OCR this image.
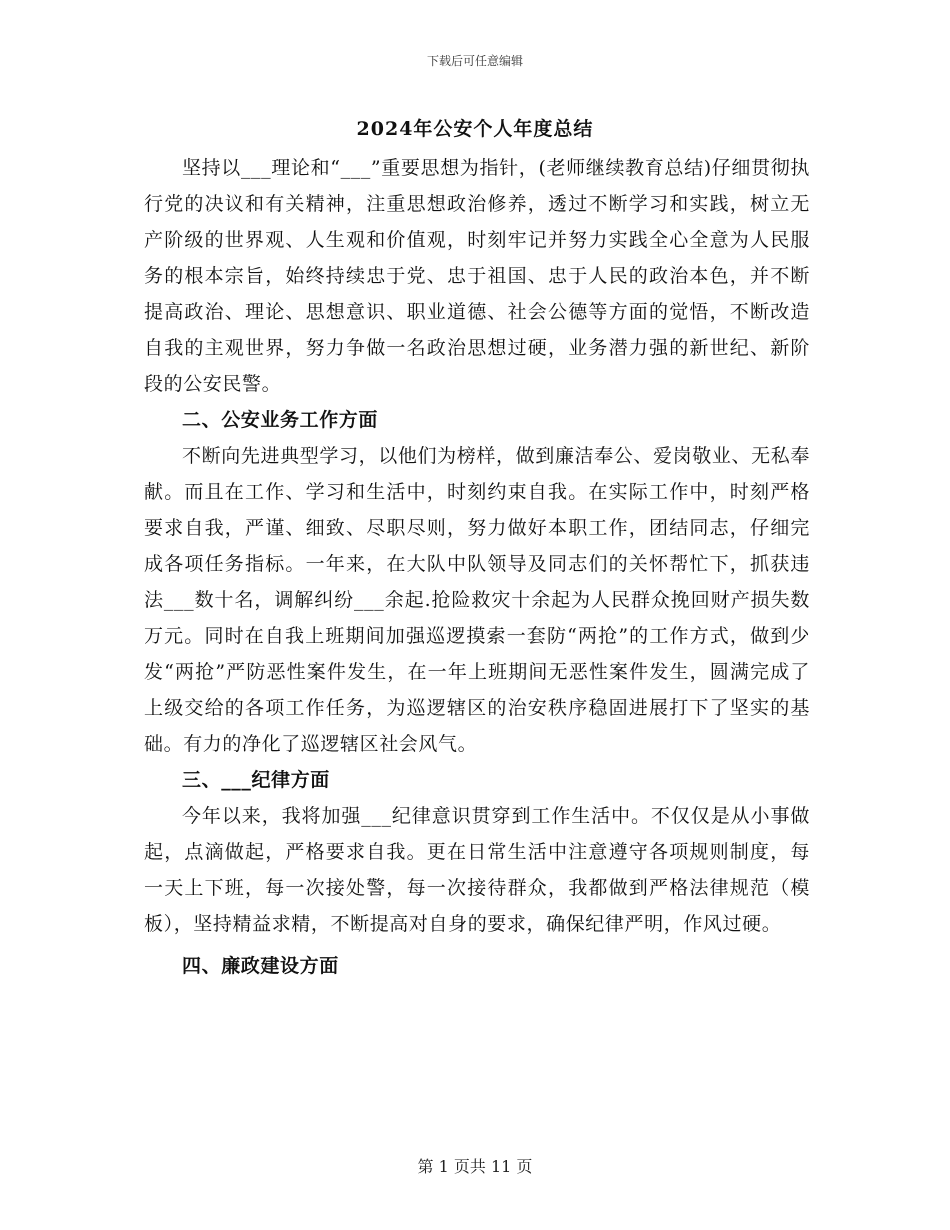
下载后可任意编辑
2024年公安个人年度总结

坚持以___理论和“___”重要思想为指针，(老师继续教育总结)仔细贯彻执行党的决议和有关精神，注重思想政治修养，透过不断学习和实践，树立无产阶级的世界观、人生观和价值观，时刻牢记并努力实践全心全意为人民服务的根本宗旨，始终持续忠于党、忠于祖国、忠于人民的政治本色，并不断提高政治、理论、思想意识、职业道德、社会公德等方面的觉悟，不断改造自我的主观世界，努力争做一名政治思想过硬，业务潜力强的新世纪、新阶段的公安民警。

二、公安业务工作方面

不断向先进典型学习，以他们为榜样，做到廉洁奉公、爱岗敬业、无私奉献。而且在工作、学习和生活中，时刻约束自我。在实际工作中，时刻严格要求自我，严谨、细致、尽职尽则，努力做好本职工作，团结同志，仔细完成各项任务指标。一年来，在大队中队领导及同志们的关怀帮忙下，抓获违法___数十名，调解纠纷___余起.抢险救灾十余起为人民群众挽回财产损失数万元。同时在自我上班期间加强巡逻摸索一套防“两抢”的工作方式，做到少发“两抢”严防恶性案件发生，在一年上班期间无恶性案件发生，圆满完成了上级交给的各项工作任务，为巡逻辖区的治安秩序稳固进展打下了坚实的基础。有力的净化了巡逻辖区社会风气。

三、___纪律方面

今年以来，我将加强___纪律意识贯穿到工作生活中。不仅仅是从小事做起，点滴做起，严格要求自我。更在日常生活中注意遵守各项规则制度，每一天上下班，每一次接处警，每一次接待群众，我都做到严格法律规范（模板），坚持精益求精，不断提高对自身的要求，确保纪律严明，作风过硬。

四、廉政建设方面

第 1 页共 11 页
